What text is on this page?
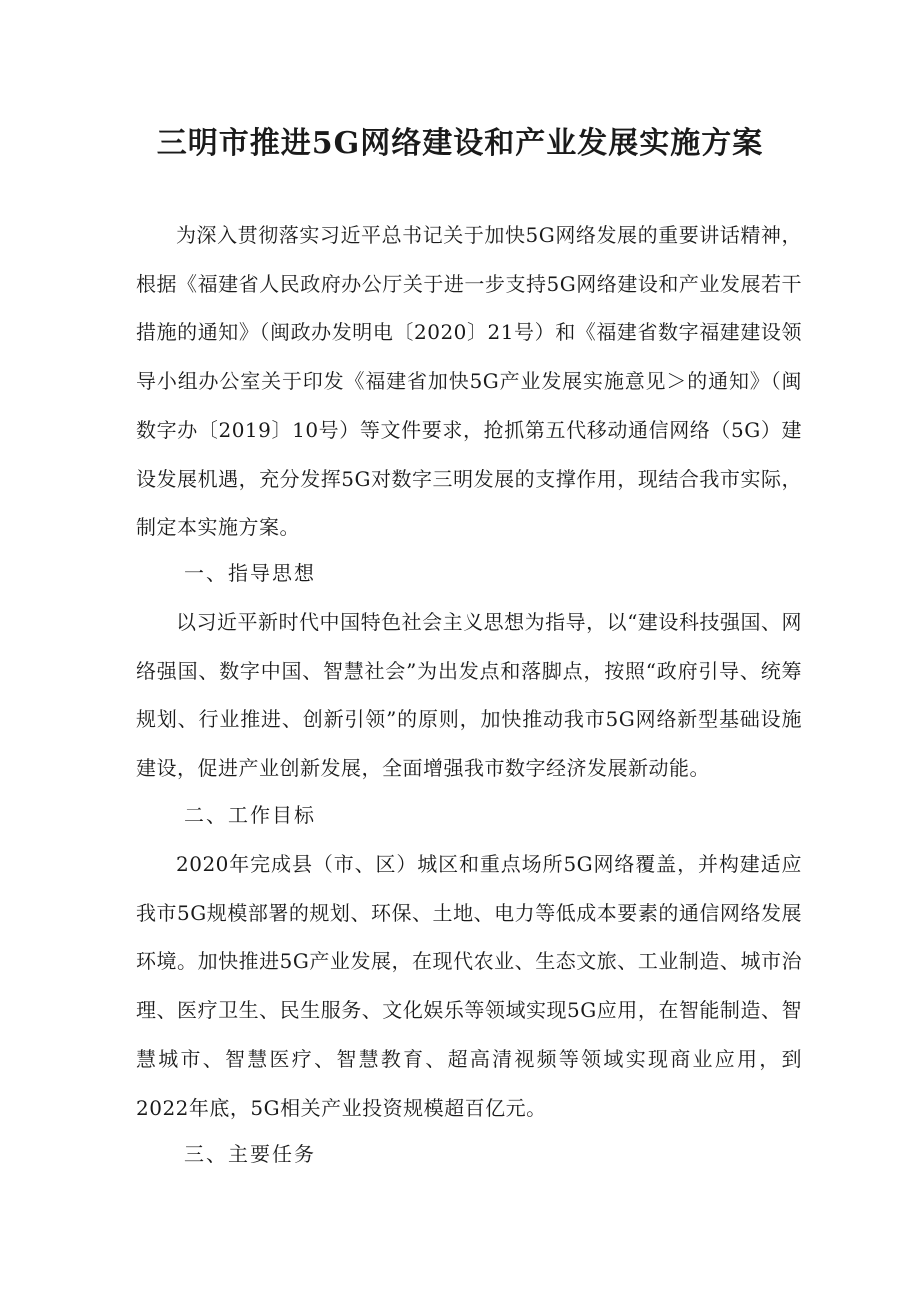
三明市推进5G网络建设和产业发展实施方案

为深入贯彻落实习近平总书记关于加快5G网络发展的重要讲话精神，根据《福建省人民政府办公厅关于进一步支持5G网络建设和产业发展若干措施的通知》（闽政办发明电〔2020〕21号）和《福建省数字福建建设领导小组办公室关于印发《福建省加快5G产业发展实施意见＞的通知》（闽数字办〔2019〕10号）等文件要求，抢抓第五代移动通信网络（5G）建设发展机遇，充分发挥5G对数字三明发展的支撑作用，现结合我市实际，制定本实施方案。

一、指导思想

以习近平新时代中国特色社会主义思想为指导，以“建设科技强国、网络强国、数字中国、智慧社会”为出发点和落脚点，按照“政府引导、统筹规划、行业推进、创新引领”的原则，加快推动我市5G网络新型基础设施建设，促进产业创新发展，全面增强我市数字经济发展新动能。

二、工作目标

2020年完成县（市、区）城区和重点场所5G网络覆盖，并构建适应我市5G规模部署的规划、环保、土地、电力等低成本要素的通信网络发展环境。加快推进5G产业发展，在现代农业、生态文旅、工业制造、城市治理、医疗卫生、民生服务、文化娱乐等领域实现5G应用，在智能制造、智慧城市、智慧医疗、智慧教育、超高清视频等领域实现商业应用，到2022年底，5G相关产业投资规模超百亿元。

三、主要任务
